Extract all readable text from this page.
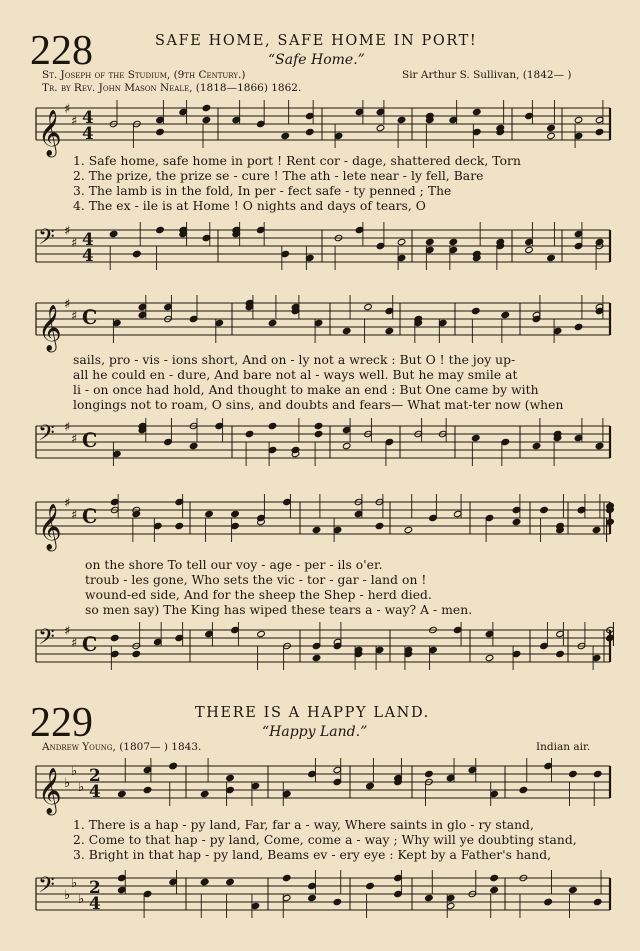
228	SAFE HOME, SAFE HOME IN PORT!
“Safe Home.”
St. Joseph of the Studium, (9th Century.)
Tr. by Rev. John Mason Neale, (1818—1866) 1862.
Sir Arthur S. Sullivan, (1842— )
𝄞
♯
♯ 4
4
1. Safe home, safe home in port ! Rent cor - dage, shattered deck, Torn
2. The prize, the prize se - cure ! The ath - lete near - ly fell, Bare
3. The lamb is in the fold, In per - fect safe - ty penned ; The
4. The ex - ile is at Home ! O nights and days of tears, O
𝄢 ♯
♯ 4
4
𝄞
♯
♯ C
sails, pro - vis - ions short, And on - ly not a wreck : But O ! the joy up-
all he could en - dure, And bare not al - ways well. But he may smile at
li - on once had hold, And thought to make an end : But One came by with
longings not to roam, O sins, and doubts and fears— What mat-ter now (when
𝄢 ♯
♯ C
𝄞
♯
♯ C
on the shore To tell our voy - age - per - ils o'er.
troub - les gone, Who sets the vic - tor - gar - land on !
wound-ed side, And for the sheep the Shep - herd died.
so men say) The King has wiped these tears a - way? A - men.
𝄢 ♯
♯ C
229	THERE IS A HAPPY LAND.
“Happy Land.”
Andrew Young, (1807— ) 1843.	Indian air.
𝄞 ♭
♭
♭
2
4
1. There is a hap - py land, Far, far a - way, Where saints in glo - ry stand,
2. Come to that hap - py land, Come, come a - way ; Why will ye doubting stand,
3. Bright in that hap - py land, Beams ev - ery eye : Kept by a Father's hand,
𝄢 ♭
♭
♭
2
4
